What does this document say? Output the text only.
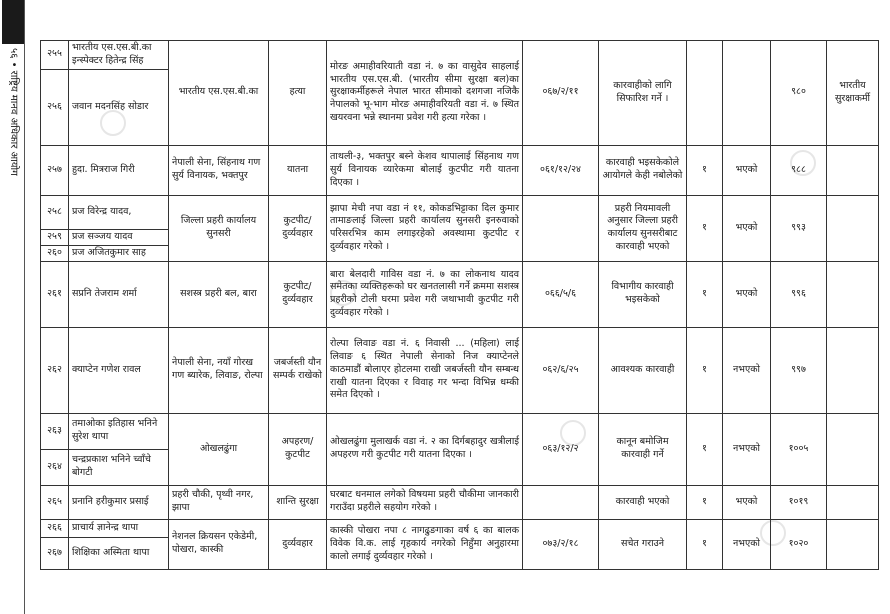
५६ • राष्ट्रिय मानव अधिकार आयोग
२५५	भारतीय एस.एस.बी.का इन्स्पेक्टर हितेन्द्र सिंह	भारतीय एस.एस.बी.का	हत्या	मोरङ अमाहीवरियाती वडा नं. ७ का वासुदेव साहलाई भारतीय एस.एस.बी. (भारतीय सीमा सुरक्षा बल)का सुरक्षाकर्मीहरूले नेपाल भारत सीमाको दशगजा नजिकै नेपालको भू-भाग मोरङ अमाहीवरियती वडा नं. ७ स्थित खयरवना भन्ने स्थानमा प्रवेश गरी हत्या गरेका ।	०६७/२/११	कारवाहीको लागि सिफारिश गर्ने ।			९८०	भारतीय सुरक्षाकर्मी
२५६	जवान मदनसिंह सोडार									
२५७	हुदा. मित्रराज गिरी	नेपाली सेना, सिंहनाथ गण सुर्य विनायक, भक्तपुर	यातना	ताथली-३, भक्तपुर बस्ने केशव थापालाई सिंहनाथ गण सुर्य विनायक व्यारेकमा बोलाई कुटपीट गरी यातना दिएका ।	०६१/१२/२४	कारवाही भइसकेकोले आयोगले केही नबोलेको	१	भएको	९८८	
२५८	प्रज विरेन्द्र यादव,	जिल्ला प्रहरी कार्यालय सुनसरी	कुटपीट/ दुर्व्यवहार	झापा मेची नपा वडा नं ११, कोकडभिट्टाका दिल कुमार तामाङलाई जिल्ला प्रहरी कार्यालय सुनसरी इनरुवाको परिसरभित्र काम लगाइरहेको अवस्थामा कुटपीट र दुर्व्यवहार गरेको ।		प्रहरी नियमावली अनुसार जिल्ला प्रहरी कार्यालय सुनसरीबाट कारवाही भएको	१	भएको	९९३	
२५९	प्रज सञ्जय यादव									
२६०	प्रज अजितकुमार साह									
२६१	सप्रनि तेजराम शर्मा	सशस्त्र प्रहरी बल, बारा	कुटपीट/ दुर्व्यवहार	बारा बेलदारी गाविस वडा नं. ७ का लोकनाथ यादव समेतका व्यक्तिहरूको घर खनतलासी गर्ने क्रममा सशस्त्र प्रहरीको टोली घरमा प्रवेश गरी जथाभावी कुटपीट गरी दुर्व्यवहार गरेको ।	०६६/५/६	विभागीय कारवाही भइसकेको	१	भएको	९९६	
२६२	क्याप्टेन गणेश रावल	नेपाली सेना, नयाँ गोरख गण ब्यारेक, लिवाङ, रोल्पा	जबर्जस्ती यौन सम्पर्क राखेको	रोल्पा लिवाङ वडा नं. ६ निवासी ... (महिला) लाई लिवाङ ६ स्थित नेपाली सेनाको निज क्याप्टेनले काठमाडौं बोलाएर होटलमा राखी जबर्जस्ती यौन सम्बन्ध राखी यातना दिएका र विवाह गर भन्दा विभिन्न धम्की समेत दिएको ।	०६२/६/२५	आवश्यक कारवाही	१	नभएको	९९७	
२६३	तमाओका इतिहास भनिने सुरेश थापा	ओखलढुंगा	अपहरण/ कुटपीट	ओखलढुंगा मुलाखर्क वडा नं. २ का दिर्गबहादुर खत्रीलाई अपहरण गरी कुटपीट गरी यातना दिएका ।	०६३/१२/२	कानून बमोजिम कारवाही गर्ने	१	नभएको	१००५	
२६४	चन्द्रप्रकाश भनिने च्वाँचे बोगटी									
२६५	प्रनानि हरीकुमार प्रसाई	प्रहरी चौकी, पृथ्वी नगर, झापा	शान्ति सुरक्षा	घरबाट धनमाल लगेको विषयमा प्रहरी चौकीमा जानकारी गराउँदा प्रहरीले सहयोग गरेको ।		कारवाही भएको	१	भएको	१०१९	
२६६	प्राचार्य ज्ञानेन्द्र थापा	नेशनल क्रियसन एकेडेमी, पोखरा, कास्की	दुर्व्यवहार	कास्की पोखरा नपा ८ नागढुङगाका वर्ष ६ का बालक विवेक वि.क. लाई गृहकार्य नगरेको निहुँमा अनुहारमा कालो लगाई दुर्व्यवहार गरेको ।	०७३/२/१८	सचेत गराउने	१	नभएको	१०२०	
२६७	शिक्षिका अस्मिता थापा									
